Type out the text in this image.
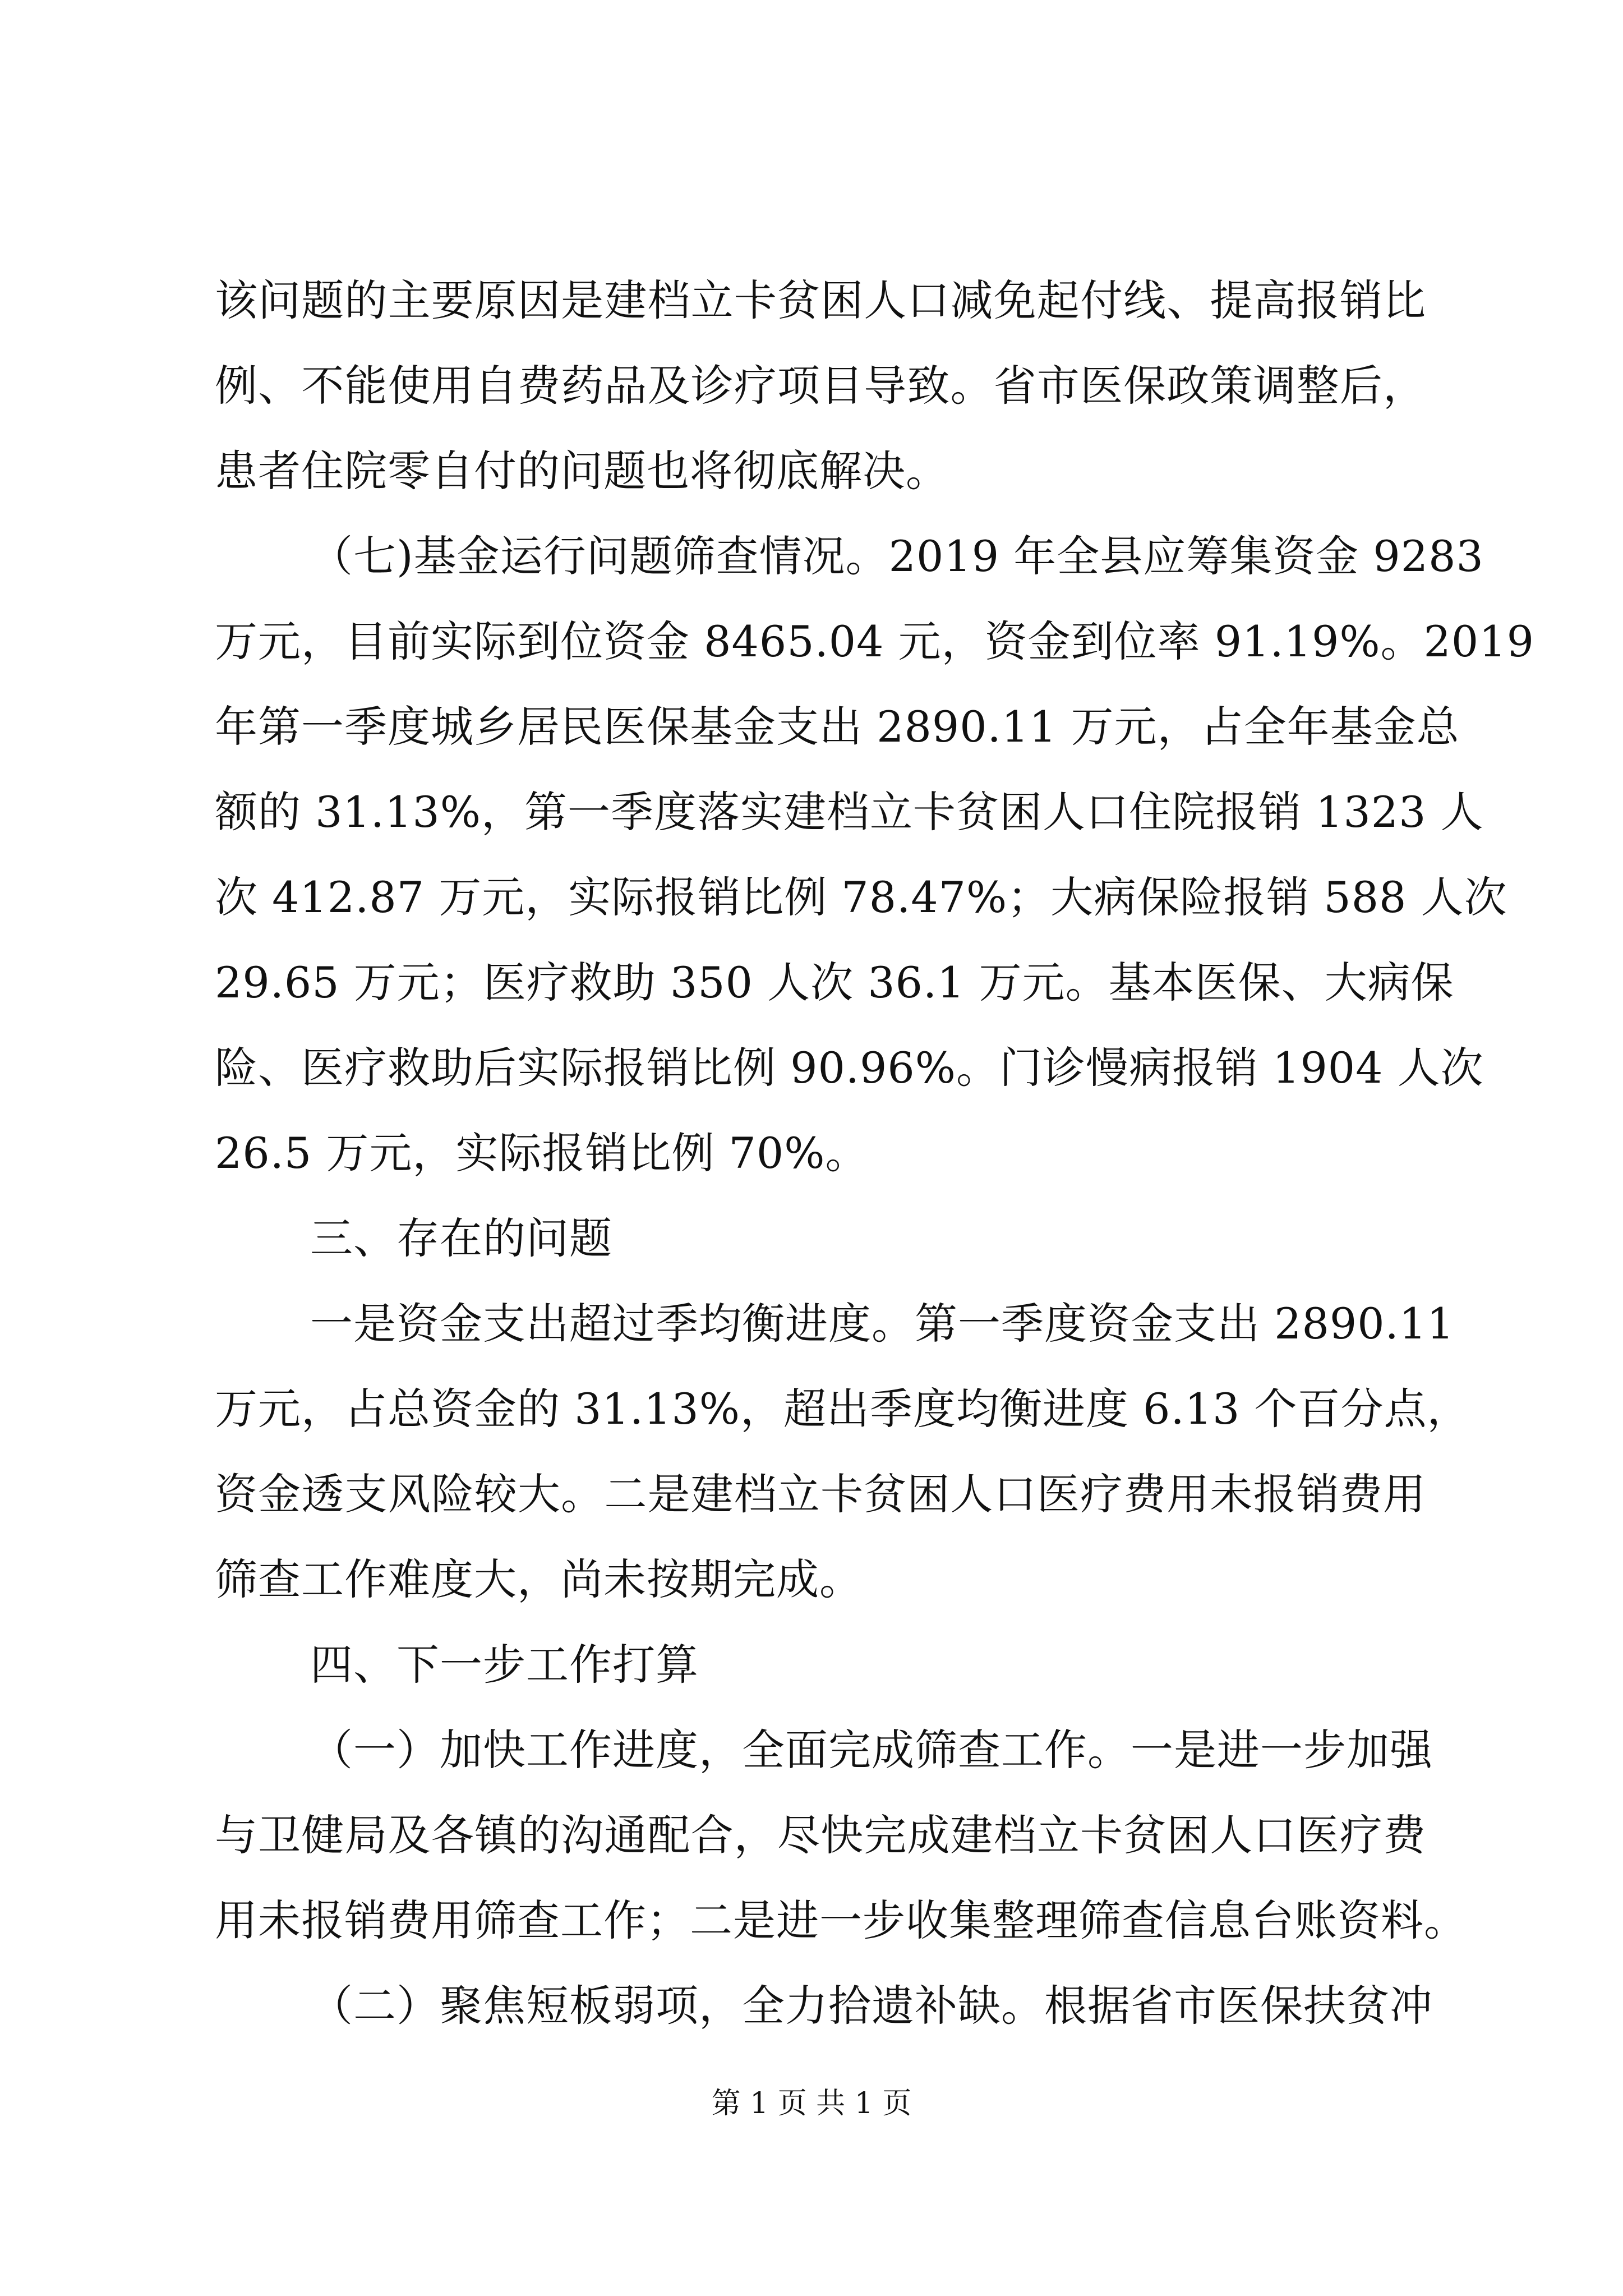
该问题的主要原因是建档立卡贫困人口减免起付线、提高报销比
例、不能使用自费药品及诊疗项目导致。省市医保政策调整后，
患者住院零自付的问题也将彻底解决。
（七)基金运行问题筛查情况。2019 年全县应筹集资金 9283
万元，目前实际到位资金 8465.04 元，资金到位率 91.19%。2019
年第一季度城乡居民医保基金支出 2890.11 万元，占全年基金总
额的 31.13%，第一季度落实建档立卡贫困人口住院报销 1323 人
次 412.87 万元，实际报销比例 78.47%；大病保险报销 588 人次
29.65 万元；医疗救助 350 人次 36.1 万元。基本医保、大病保
险、医疗救助后实际报销比例 90.96%。门诊慢病报销 1904 人次
26.5 万元，实际报销比例 70%。
三、存在的问题
一是资金支出超过季均衡进度。第一季度资金支出 2890.11
万元，占总资金的 31.13%，超出季度均衡进度 6.13 个百分点，
资金透支风险较大。二是建档立卡贫困人口医疗费用未报销费用
筛查工作难度大，尚未按期完成。
四、下一步工作打算
（一）加快工作进度，全面完成筛查工作。一是进一步加强
与卫健局及各镇的沟通配合，尽快完成建档立卡贫困人口医疗费
用未报销费用筛查工作；二是进一步收集整理筛查信息台账资料。
（二）聚焦短板弱项，全力拾遗补缺。根据省市医保扶贫冲
第 1 页 共 1 页
